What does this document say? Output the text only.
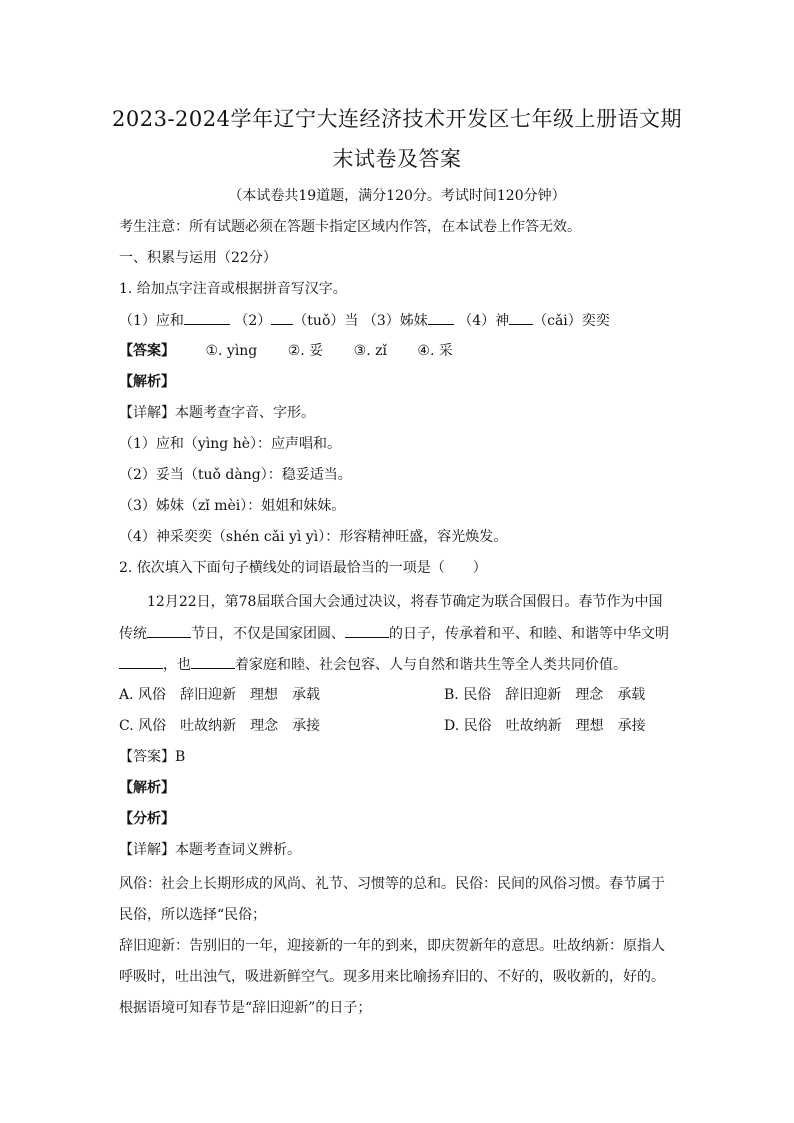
2023-2024学年辽宁大连经济技术开发区七年级上册语文期
末试卷及答案
（本试卷共19道题，满分120分。考试时间120分钟）
考生注意：所有试题必须在答题卡指定区域内作答，在本试卷上作答无效。
一、积累与运用（22分）
1. 给加点字注音或根据拼音写汉字。
（1）应和	（2） （tuǒ）当 （3）姊妹 （4）神 （cǎi）奕奕
【答案】 ①. yìng ②. 妥 ③. zǐ ④. 采
【解析】
【详解】本题考查字音、字形。
（1）应和（yìng hè）：应声唱和。
（2）妥当（tuǒ dàng）：稳妥适当。
（3）姊妹（zǐ mèi）：姐姐和妹妹。
（4）神采奕奕（shén cǎi yì yì）：形容精神旺盛，容光焕发。
2. 依次填入下面句子横线处的词语最恰当的一项是（　　）
12月22日，第78届联合国大会通过决议，将春节确定为联合国假日。春节作为中国
传统	节日，不仅是国家团圆、	的日子，传承着和平、和睦、和谐等中华文明
，也	着家庭和睦、社会包容、人与自然和谐共生等全人类共同价值。
A. 风俗　辞旧迎新　理想　承载	B. 民俗　辞旧迎新　理念　承载
C. 风俗　吐故纳新　理念　承接	D. 民俗　吐故纳新　理想　承接
【答案】B
【解析】
【分析】
【详解】本题考查词义辨析。
风俗：社会上长期形成的风尚、礼节、习惯等的总和。民俗：民间的风俗习惯。春节属于
民俗，所以选择“民俗；
辞旧迎新：告别旧的一年，迎接新的一年的到来，即庆贺新年的意思。吐故纳新：原指人
呼吸时，吐出浊气，吸进新鲜空气。现多用来比喻扬弃旧的、不好的，吸收新的，好的。
根据语境可知春节是“辞旧迎新”的日子；
